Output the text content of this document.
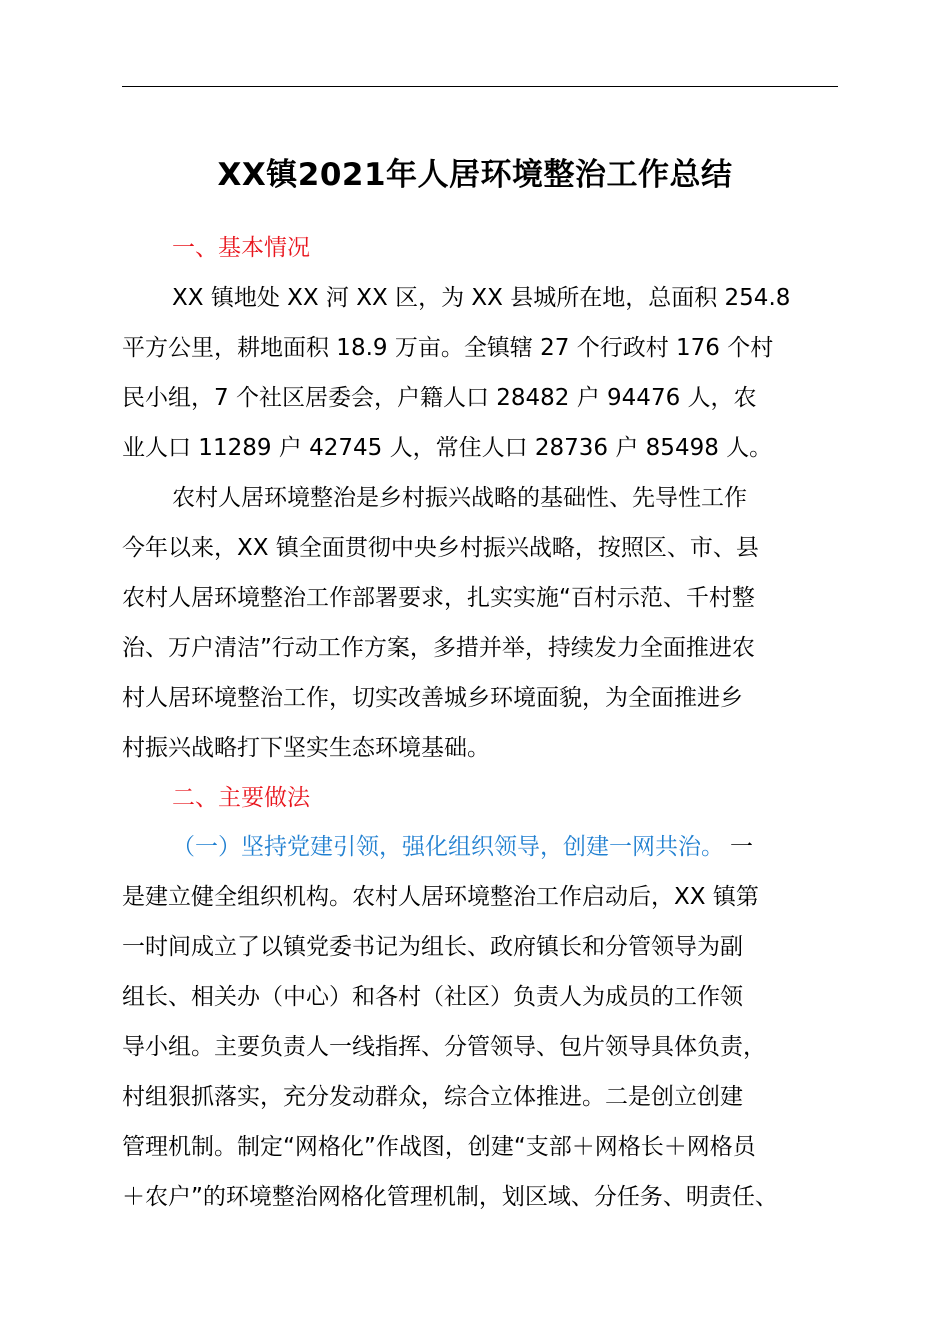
XX镇2021年人居环境整治工作总结
一、基本情况
XX 镇地处 XX 河 XX 区，为 XX 县城所在地，总面积 254.8
平方公里，耕地面积 18.9 万亩。全镇辖 27 个行政村 176 个村
民小组，7 个社区居委会，户籍人口 28482 户 94476 人，农
业人口 11289 户 42745 人，常住人口 28736 户 85498 人。
农村人居环境整治是乡村振兴战略的基础性、先导性工作
今年以来，XX 镇全面贯彻中央乡村振兴战略，按照区、市、县
农村人居环境整治工作部署要求，扎实实施“百村示范、千村整
治、万户清洁”行动工作方案，多措并举，持续发力全面推进农
村人居环境整治工作，切实改善城乡环境面貌，为全面推进乡
村振兴战略打下坚实生态环境基础。
二、主要做法
（一）坚持党建引领，强化组织领导，创建一网共治。 一
是建立健全组织机构。农村人居环境整治工作启动后，XX 镇第
一时间成立了以镇党委书记为组长、政府镇长和分管领导为副
组长、相关办（中心）和各村（社区）负责人为成员的工作领
导小组。主要负责人一线指挥、分管领导、包片领导具体负责，
村组狠抓落实，充分发动群众，综合立体推进。二是创立创建
管理机制。制定“网格化”作战图，创建“支部＋网格长＋网格员
＋农户”的环境整治网格化管理机制，划区域、分任务、明责任、
